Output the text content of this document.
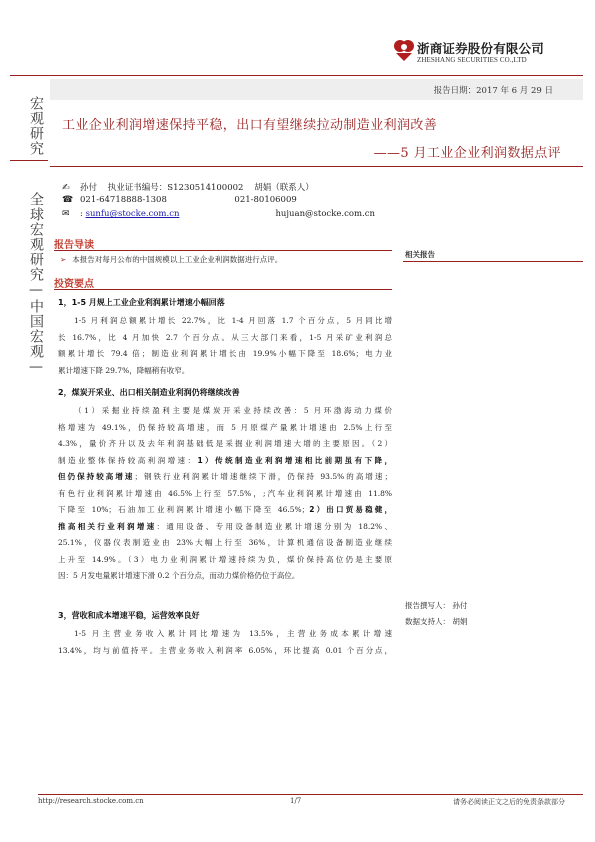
浙商证券股份有限公司
ZHESHANG SECURITIES CO.,LTD
宏观研究
全球宏观研究—中国宏观—
报告日期：2017 年 6 月 29 日
工业企业利润增速保持平稳，出口有望继续拉动制造业利润改善
——5 月工业企业利润数据点评
✍ 孙付    执业证书编号：S1230514100002    胡娟（联系人）
☎ 021-64718888-1308                         021-80106009
✉ : sunfu@stocke.com.cn	hujuan@stocke.com.cn
报告导读
➢ 本报告对每月公布的中国规模以上工业企业利润数据进行点评。
相关报告
投资要点
1，1-5 月规上工业企业利润累计增速小幅回落
1-5 月利润总额累计增长 22.7%，比 1-4 月回落 1.7 个百分点，5 月同比增
长 16.7%，比 4 月加快 2.7 个百分点。从三大部门来看，1-5 月采矿业利润总
额累计增长 79.4 倍；制造业利润累计增长由 19.9%小幅下降至 18.6%；电力业
累计增速下降 29.7%，降幅稍有收窄。
2，煤炭开采业、出口相关制造业利润仍将继续改善
（1）采掘业持续盈利主要是煤炭开采业持续改善：5 月环渤海动力煤价
格增速为 49.1%，仍保持较高增速，而 5 月原煤产量累计增速由 2.5%上行至
4.3%，量价齐升以及去年利润基础低是采掘业利润增速大增的主要原因。（2）
制造业整体保持较高利润增速：1）传统制造业利润增速相比前期虽有下降，
但仍保持较高增速；钢铁行业利润累计增速继续下滑，仍保持 93.5%的高增速；
有色行业利润累计增速由 46.5%上行至 57.5%，;汽车业利润累计增速由 11.8%
下降至 10%；石油加工业利润累计增速小幅下降至 46.5%；2）出口贸易稳健，
推高相关行业利润增速：通用设备、专用设备制造业累计增速分别为 18.2%、
25.1%，仪器仪表制造业由 23%大幅上行至 36%，计算机通信设备制造业继续
上升至 14.9%。（3）电力业利润累计增速持续为负，煤价保持高位仍是主要原
因：5 月发电量累计增速下滑 0.2 个百分点，而动力煤价格仍位于高位。
3，营收和成本增速平稳，运营效率良好
1-5 月主营业务收入累计同比增速为 13.5%，主营业务成本累计增速
13.4%，均与前值持平。主营业务收入利润率 6.05%，环比提高 0.01 个百分点，
报告撰写人： 孙付
数据支持人： 胡娟
http://research.stocke.com.cn	1/7	请务必阅读正文之后的免责条款部分
